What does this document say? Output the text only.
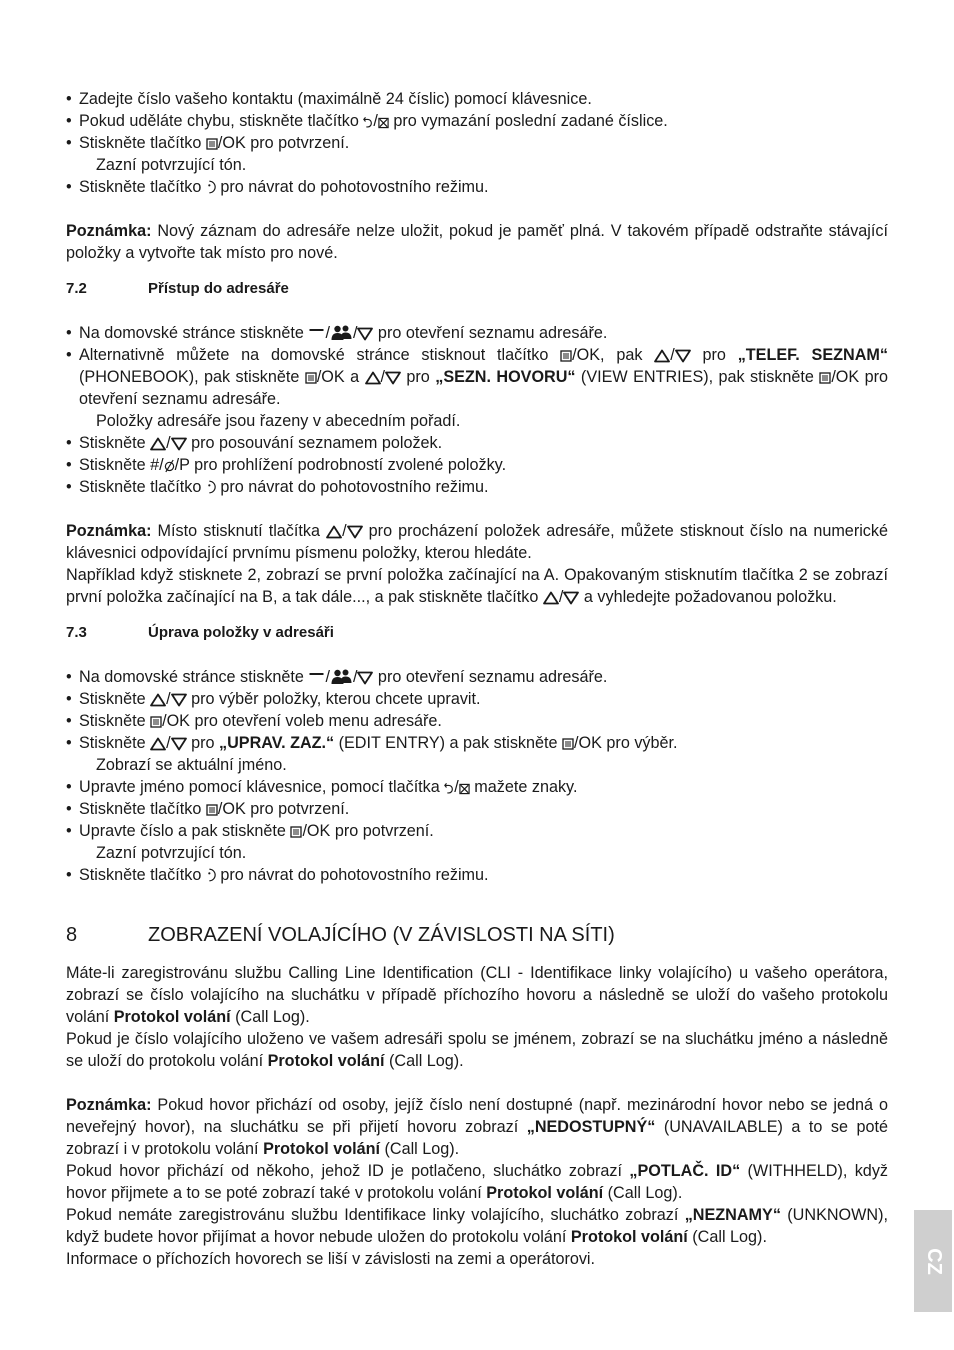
• Zadejte číslo vašeho kontaktu (maximálně 24 číslic) pomocí klávesnice.
• Pokud uděláte chybu, stiskněte tlačítko / pro vymazání poslední zadané číslice.
• Stiskněte tlačítko /OK pro potvrzení.
Zazní potvrzující tón.
• Stiskněte tlačítko  pro návrat do pohotovostního režimu.
Poznámka: Nový záznam do adresáře nelze uložit, pokud je paměť plná. V takovém případě odstraňte stávající položky a vytvořte tak místo pro nové.
7.2	Přístup do adresáře
• Na domovské stránce stiskněte / / pro otevření seznamu adresáře.
• Alternativně můžete na domovské stránce stisknout tlačítko /OK, pak / pro „TELEF. SEZNAM“ (PHONEBOOK), pak stiskněte /OK a / pro „SEZN. HOVORU“ (VIEW ENTRIES), pak stiskněte /OK pro otevření seznamu adresáře.
Položky adresáře jsou řazeny v abecedním pořadí.
• Stiskněte / pro posouvání seznamem položek.
• Stiskněte #/ /P pro prohlížení podrobností zvolené položky.
• Stiskněte tlačítko  pro návrat do pohotovostního režimu.
Poznámka: Místo stisknutí tlačítka / pro procházení položek adresáře, můžete stisknout číslo na numerické klávesnici odpovídající prvnímu písmenu položky, kterou hledáte.
Například když stisknete 2, zobrazí se první položka začínající na A. Opakovaným stisknutím tlačítka 2 se zobrazí první položka začínající na B, a tak dále..., a pak stiskněte tlačítko / a vyhledejte požadovanou položku.
7.3	Úprava položky v adresáři
• Na domovské stránce stiskněte / / pro otevření seznamu adresáře.
• Stiskněte / pro výběr položky, kterou chcete upravit.
• Stiskněte /OK pro otevření voleb menu adresáře.
• Stiskněte / pro „UPRAV. ZAZ.“ (EDIT ENTRY) a pak stiskněte /OK pro výběr.
Zobrazí se aktuální jméno.
• Upravte jméno pomocí klávesnice, pomocí tlačítka / mažete znaky.
• Stiskněte tlačítko /OK pro potvrzení.
• Upravte číslo a pak stiskněte /OK pro potvrzení.
Zazní potvrzující tón.
• Stiskněte tlačítko  pro návrat do pohotovostního režimu.
8	ZOBRAZENÍ VOLAJÍCÍHO (V ZÁVISLOSTI NA SÍTI)
Máte-li zaregistrovánu službu Calling Line Identification (CLI - Identifikace linky volajícího) u vašeho operátora, zobrazí se číslo volajícího na sluchátku v případě příchozího hovoru a následně se uloží do vašeho protokolu volání Protokol volání (Call Log).
Pokud je číslo volajícího uloženo ve vašem adresáři spolu se jménem, zobrazí se na sluchátku jméno a následně se uloží do protokolu volání Protokol volání (Call Log).
Poznámka: Pokud hovor přichází od osoby, jejíž číslo není dostupné (např. mezinárodní hovor nebo se jedná o neveřejný hovor), na sluchátku se při přijetí hovoru zobrazí „NEDOSTUPNÝ“ (UNAVAILABLE) a to se poté zobrazí i v protokolu volání Protokol volání (Call Log).
Pokud hovor přichází od někoho, jehož ID je potlačeno, sluchátko zobrazí „POTLAČ. ID“ (WITHHELD), když hovor přijmete a to se poté zobrazí také v protokolu volání Protokol volání (Call Log).
Pokud nemáte zaregistrovánu službu Identifikace linky volajícího, sluchátko zobrazí „NEZNAMY“ (UNKNOWN), když budete hovor přijímat a hovor nebude uložen do protokolu volání Protokol volání (Call Log).
Informace o příchozích hovorech se liší v závislosti na zemi a operátorovi.	CZ
